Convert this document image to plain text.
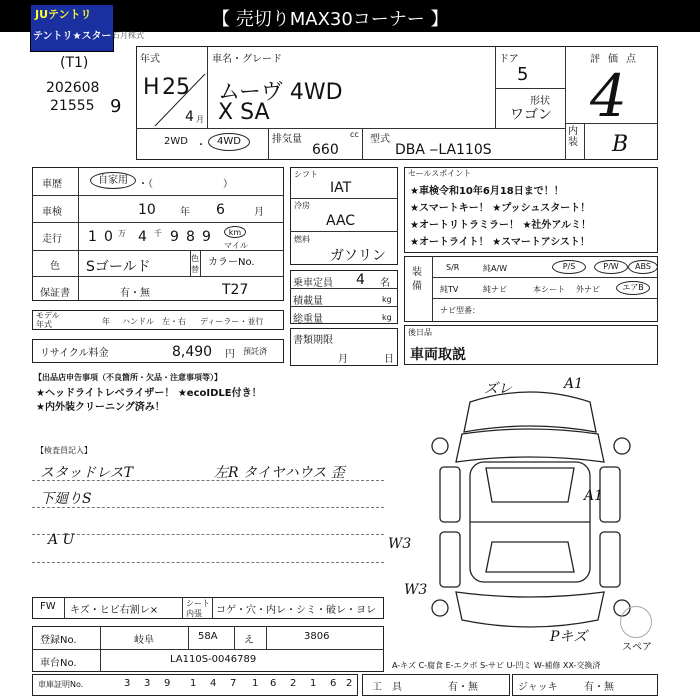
【 売切りMAX30コーナー 】
JUテントリ
テントリ★スター 石月株式
(T1)
202608
21555 9
年式
H 25
4 月
車名・グレード
ムーヴ 4WD
X SA
ドア
5
形状
ワゴン
評価点
4
内装 B
2WD ・	4WD	排気量	cc
660
型式
DBA ‒LA110S
車歴	自家用	・（　　　　　　　）
車検	10 年 6	月
走行 1 0 万 4 千 9 8 9	km
マイル
色 Sゴールド
色
替
カラーNo.
保証書	有・無	T27
モデル
年式	年 ハンドル　左・右 ディーラー・並行
リサイクル料金	8,490 円 預託済
シフト
IAT
冷房
AAC
燃料
ガソリン
乗車定員 4 名
積載量	kg
総重量	kg
書類期限
月	日
セールスポイント
★車検令和10年6月18日まで！！
★スマートキー！ ★プッシュスタート！
★オートリトラミラー！ ★社外アルミ！
★オートライト！ ★スマートアシスト！
装備
S/R	純A/W	P/S	P/W	ABS
純TV	純ナビ	本シート 外ナビ	エアB
ナビ型番：
後日品
車両取説
【出品店申告事項（不良箇所・欠品・注意事項等）】
★ヘッドライトレベライザー！ ★ecoIDLE付き！
★内外装クリーニング済み！
【検査員記入】
スタッドレスT
下廻りS
A U
左R タイヤハウス 歪
ズレ	A1
A1
W3
W3
Pキズ
スペア
FW キズ・ヒビ右割レ×
シート
内張 コゲ・穴・内レ・シミ・破レ・ヨレ
登録No.	岐阜	58A	え	3806
車台No.	LA110S-0046789
A-キズ C-腐食 E-エクボ S-サビ U-凹ミ W-補修 XX-交換済
車庫証明No.	3 3 9 1 4 7 1 6 2 1 6 2 工具	有・無	ジャッキ	有・無
